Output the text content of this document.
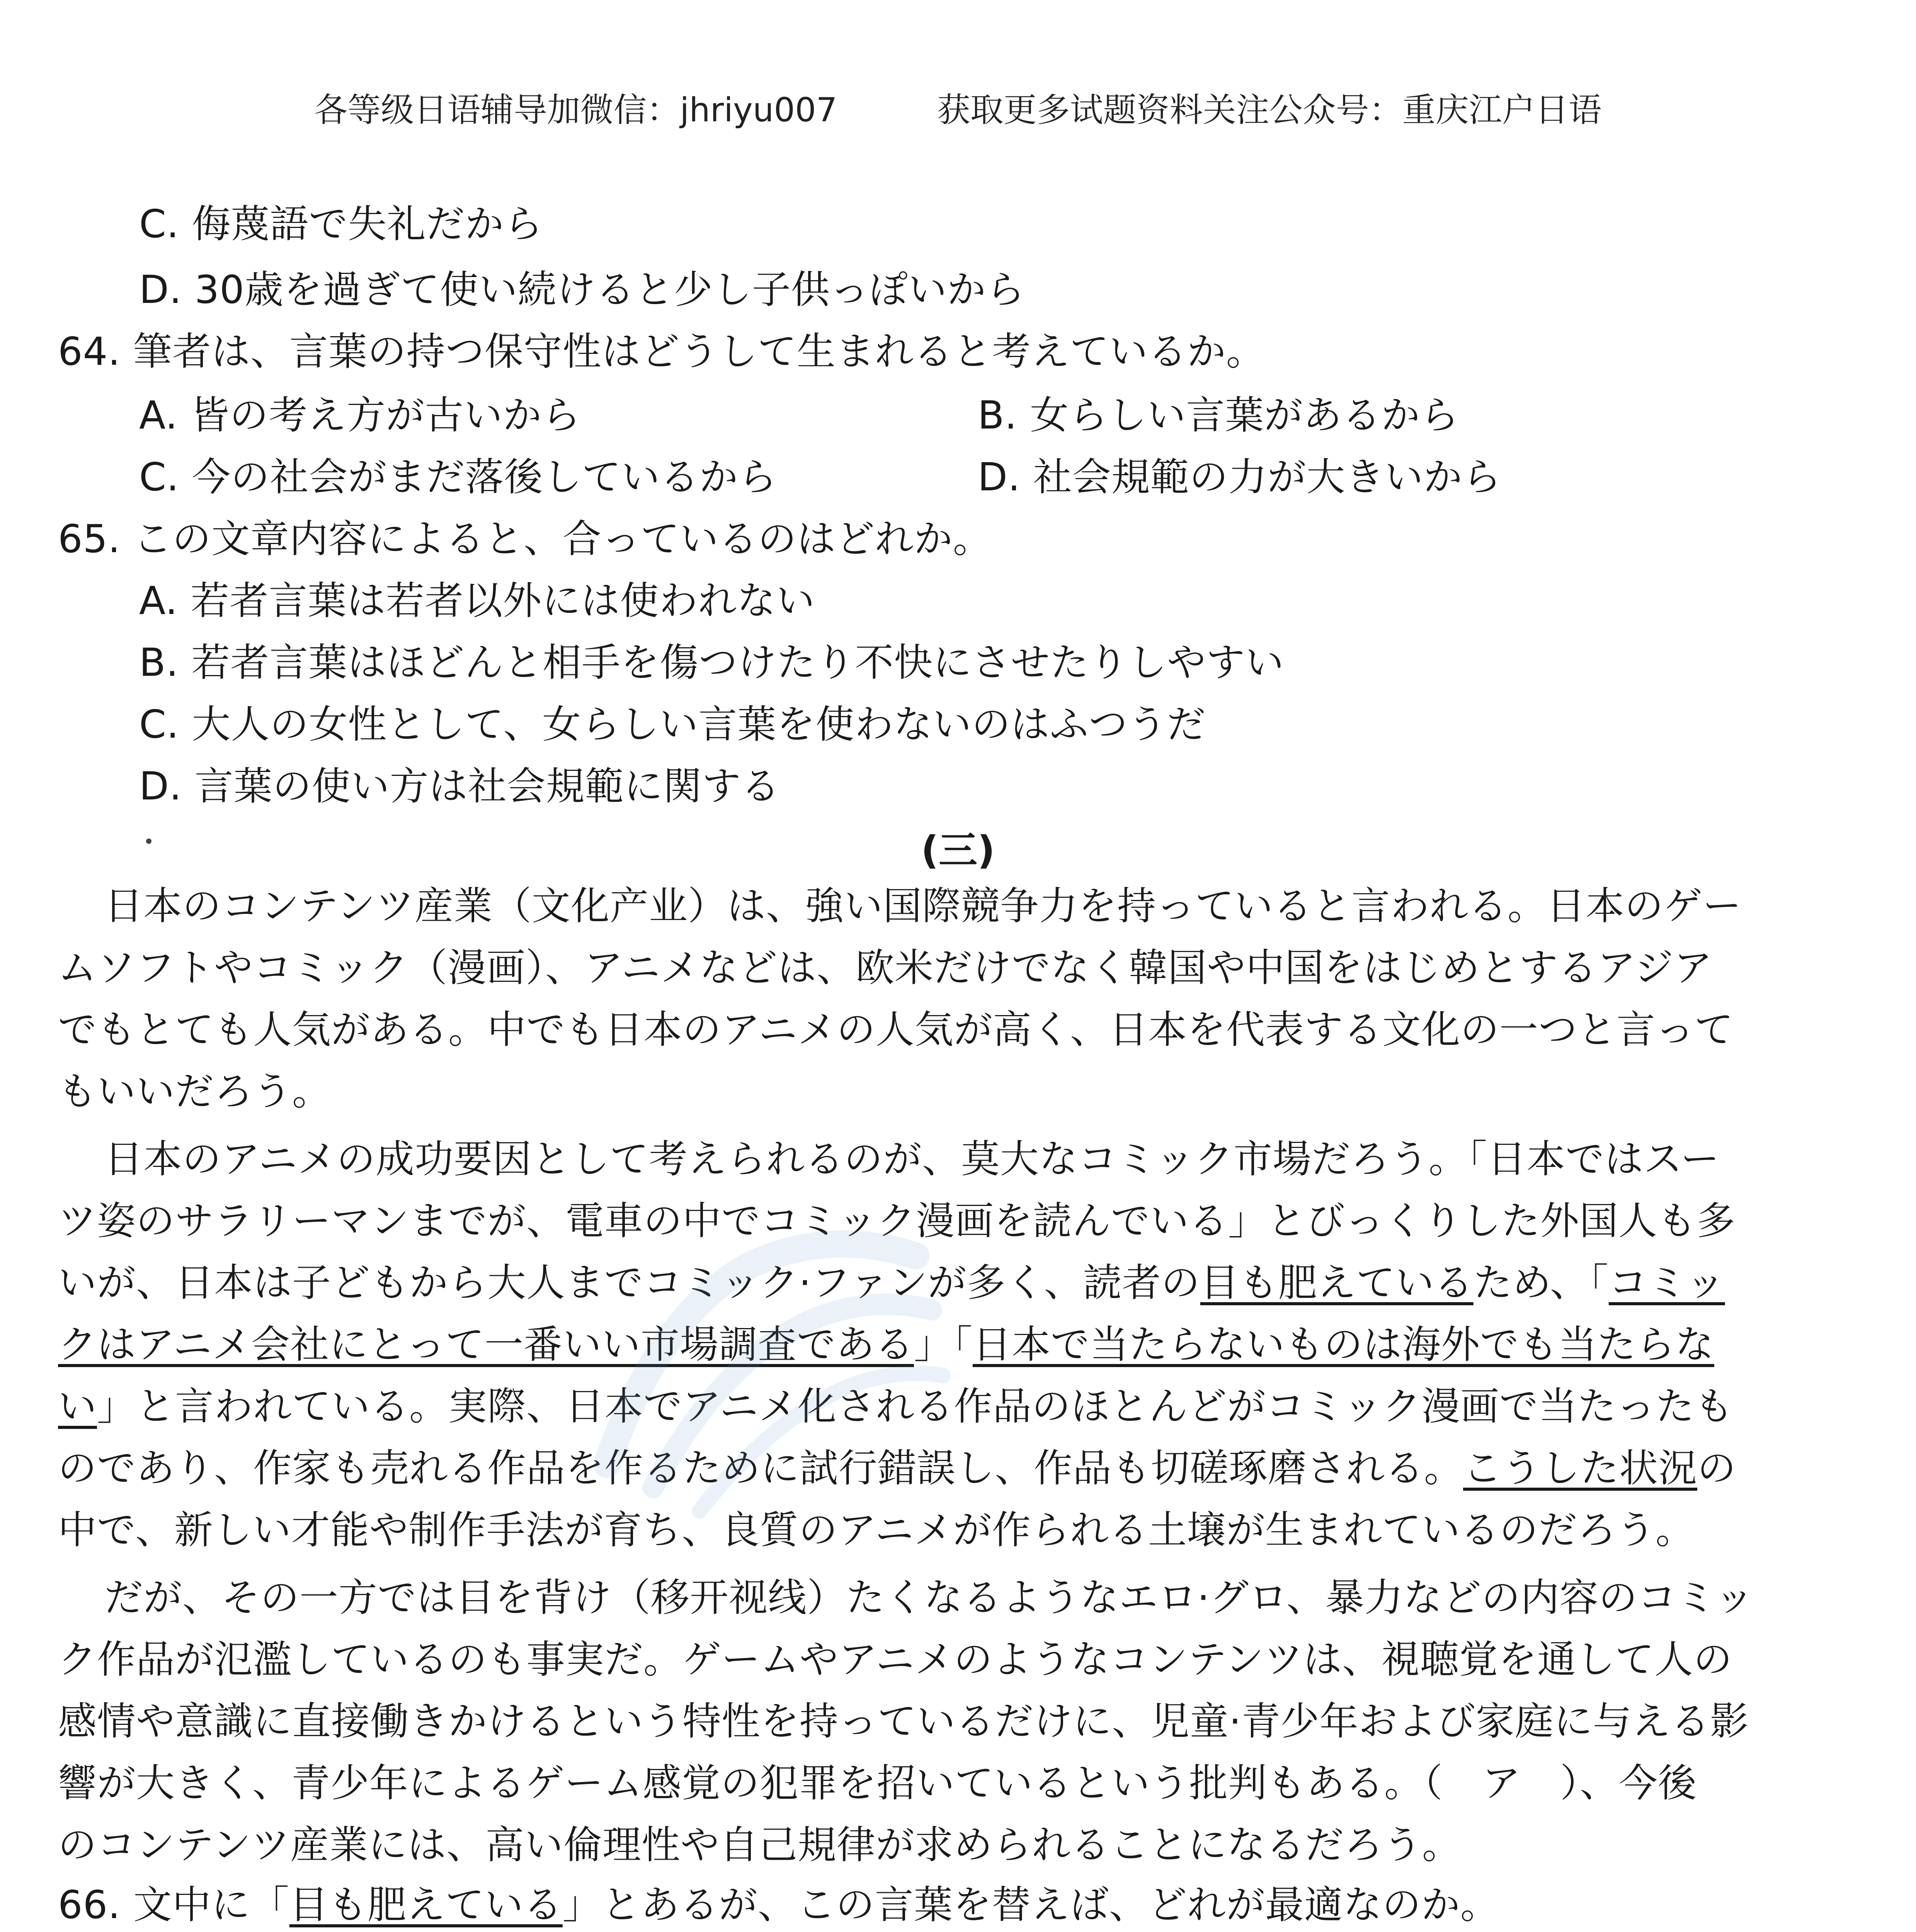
各等级日语辅导加微信：jhriyu007　　　获取更多试题资料关注公众号：重庆江户日语
C. 侮蔑語で失礼だから
D. 30歳を過ぎて使い続けると少し子供っぽいから
64. 筆者は、言葉の持つ保守性はどうして生まれると考えているか。
A. 皆の考え方が古いから	B. 女らしい言葉があるから
C. 今の社会がまだ落後しているから	D. 社会規範の力が大きいから
65. この文章内容によると、合っているのはどれか。
A. 若者言葉は若者以外には使われない
B. 若者言葉はほどんと相手を傷つけたり不快にさせたりしやすい
C. 大人の女性として、女らしい言葉を使わないのはふつうだ
D. 言葉の使い方は社会規範に関する
(三)
日本のコンテンツ産業（文化产业）は、強い国際競争力を持っていると言われる。日本のゲー
ムソフトやコミック（漫画）、アニメなどは、欧米だけでなく韓国や中国をはじめとするアジア
でもとても人気がある。中でも日本のアニメの人気が高く、日本を代表する文化の一つと言って
もいいだろう。
日本のアニメの成功要因として考えられるのが、莫大なコミック市場だろう。「日本ではスー
ツ姿のサラリーマンまでが、電車の中でコミック漫画を読んでいる」とびっくりした外国人も多
いが、日本は子どもから大人までコミック·ファンが多く、読者の目も肥えているため、「コミッ
クはアニメ会社にとって一番いい市場調査である」「日本で当たらないものは海外でも当たらな
い」と言われている。実際、日本でアニメ化される作品のほとんどがコミック漫画で当たったも
のであり、作家も売れる作品を作るために試行錯誤し、作品も切磋琢磨される。こうした状況の
中で、新しい才能や制作手法が育ち、良質のアニメが作られる土壌が生まれているのだろう。
だが、その一方では目を背け（移开视线）たくなるようなエロ·グロ、暴力などの内容のコミッ
ク作品が氾濫しているのも事実だ。ゲームやアニメのようなコンテンツは、視聴覚を通して人の
感情や意識に直接働きかけるという特性を持っているだけに、児童·青少年および家庭に与える影
響が大きく、青少年によるゲーム感覚の犯罪を招いているという批判もある。（　ア　）、今後
のコンテンツ産業には、高い倫理性や自己規律が求められることになるだろう。
66. 文中に「目も肥えている」とあるが、この言葉を替えば、どれが最適なのか。
